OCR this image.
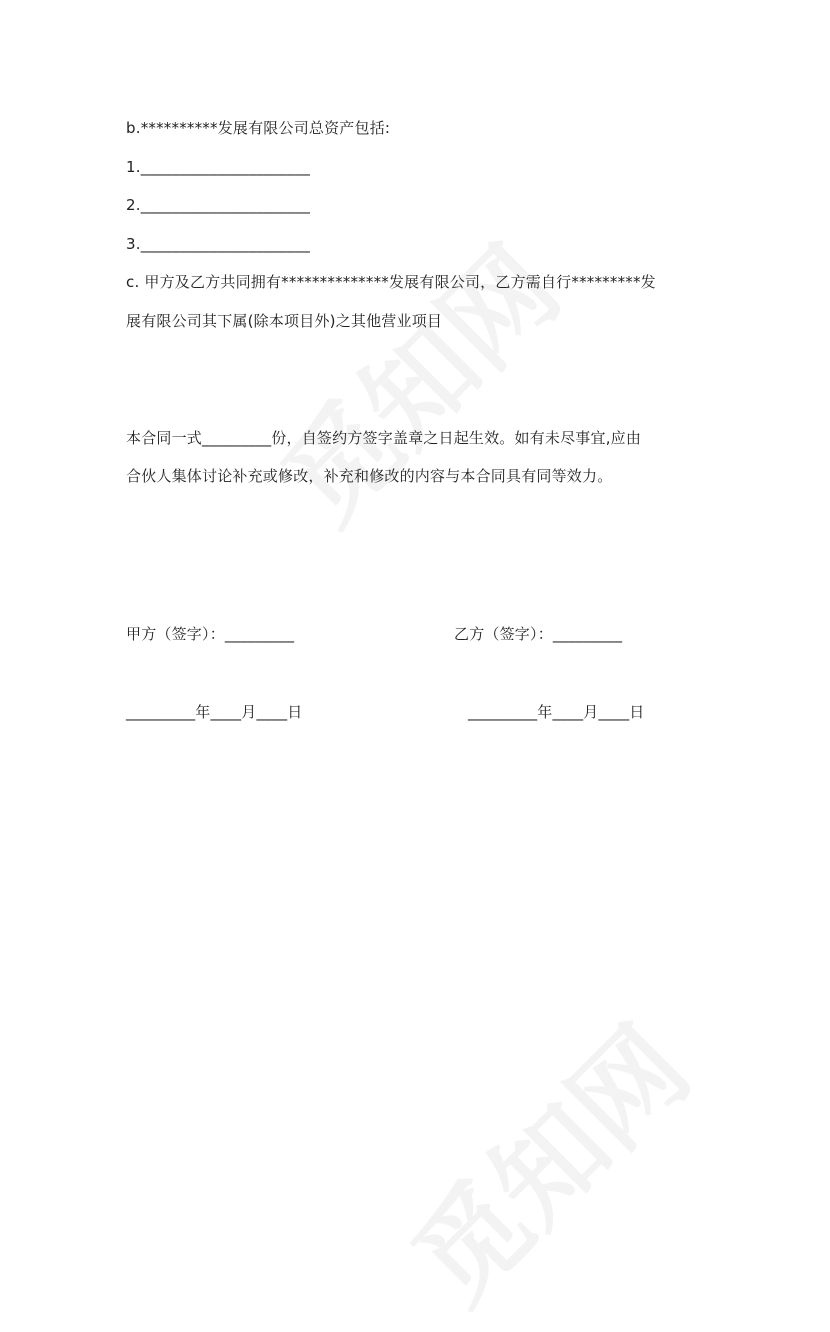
b.**********发展有限公司总资产包括:
1.______________________
2.______________________
3.______________________
c. 甲方及乙方共同拥有**************发展有限公司，乙方需自行*********发
展有限公司其下属(除本项目外)之其他营业项目
本合同一式_________份，自签约方签字盖章之日起生效。如有未尽事宜,应由
合伙人集体讨论补充或修改，补充和修改的内容与本合同具有同等效力。
甲方（签字）：_________	乙方（签字）：_________
_________年____月____日	_________年____月____日
